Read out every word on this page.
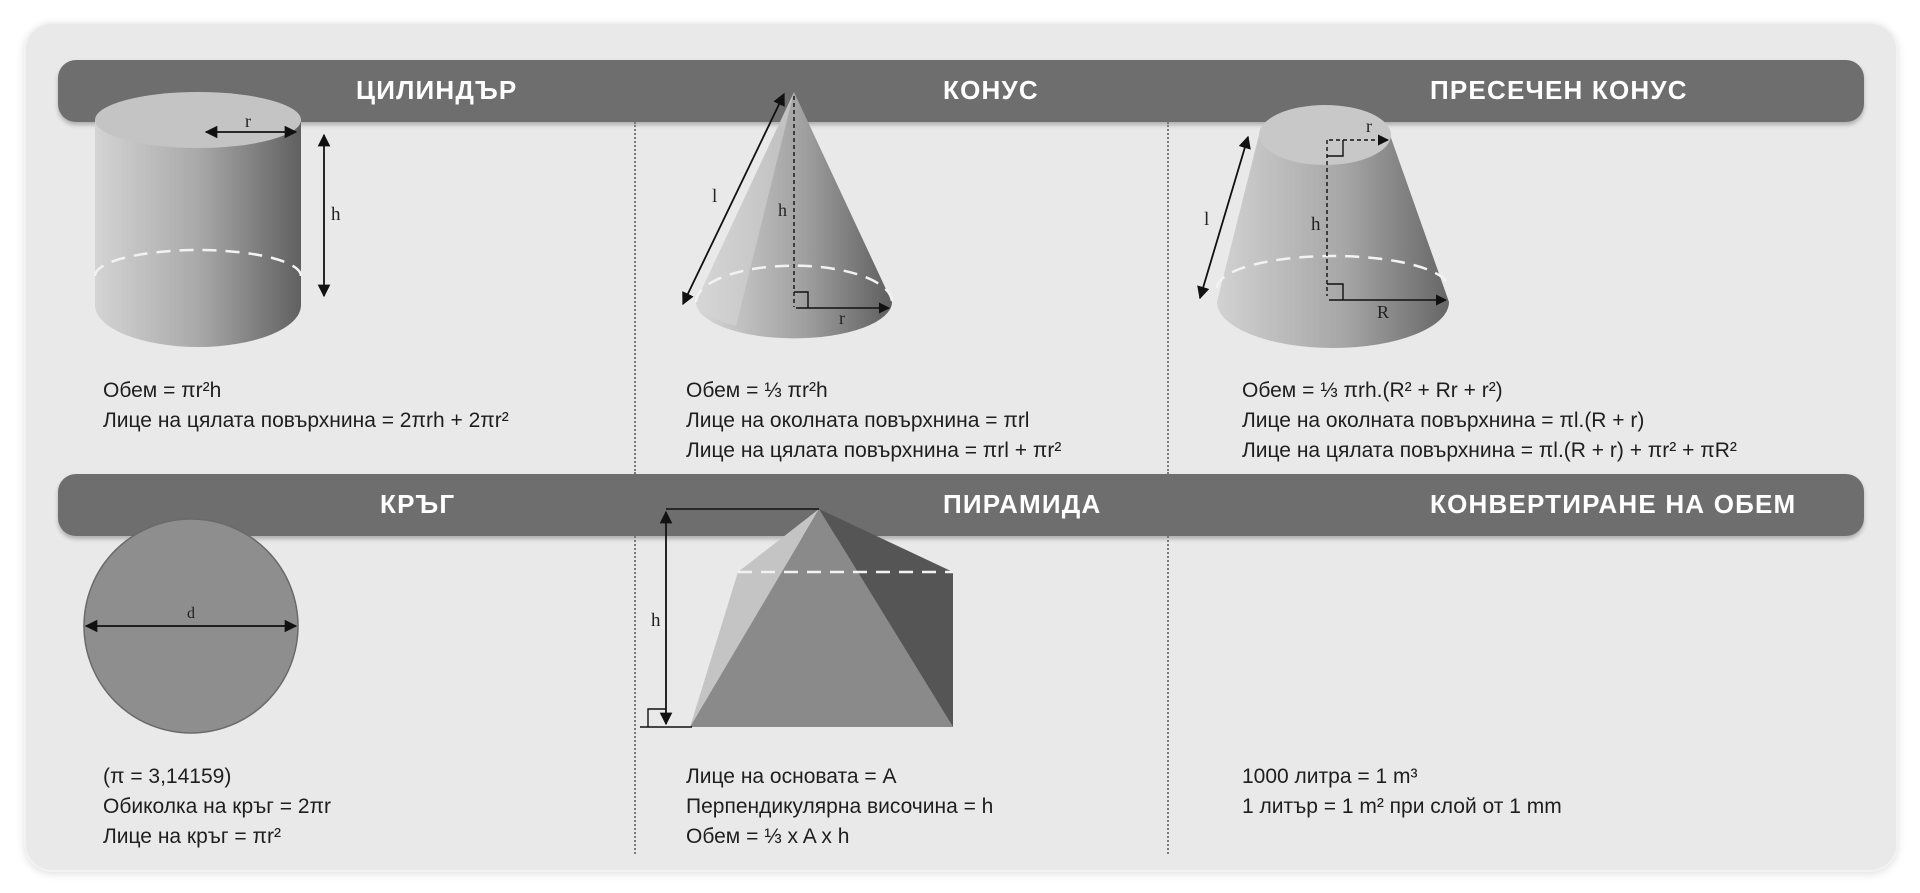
ЦИЛИНДЪР	КОНУС	ПРЕСЕЧЕН КОНУС
КРЪГ	ПИРАМИДА	КОНВЕРТИРАНЕ НА ОБЕМ
r
h
l
h
r
r
h
l
R
d	h
Обем = πr²h
Лице на цялата повърхнина = 2πrh + 2πr²
Обем = ⅓ πr²h
Лице на околната повърхнина = πrl
Лице на цялата повърхнина = πrl + πr²
Обем = ⅓ πrh.(R² + Rr + r²)
Лице на околната повърхнина = πl.(R + r)
Лице на цялата повърхнина = πl.(R + r) + πr² + πR²
(π = 3,14159)
Обиколка на кръг = 2πr
Лице на кръг = πr²
Лице на основата = A
Перпендикулярна височина = h
Обем = ⅓ x A x h
1000 литра = 1 m³
1 литър = 1 m² при слой от 1 mm
